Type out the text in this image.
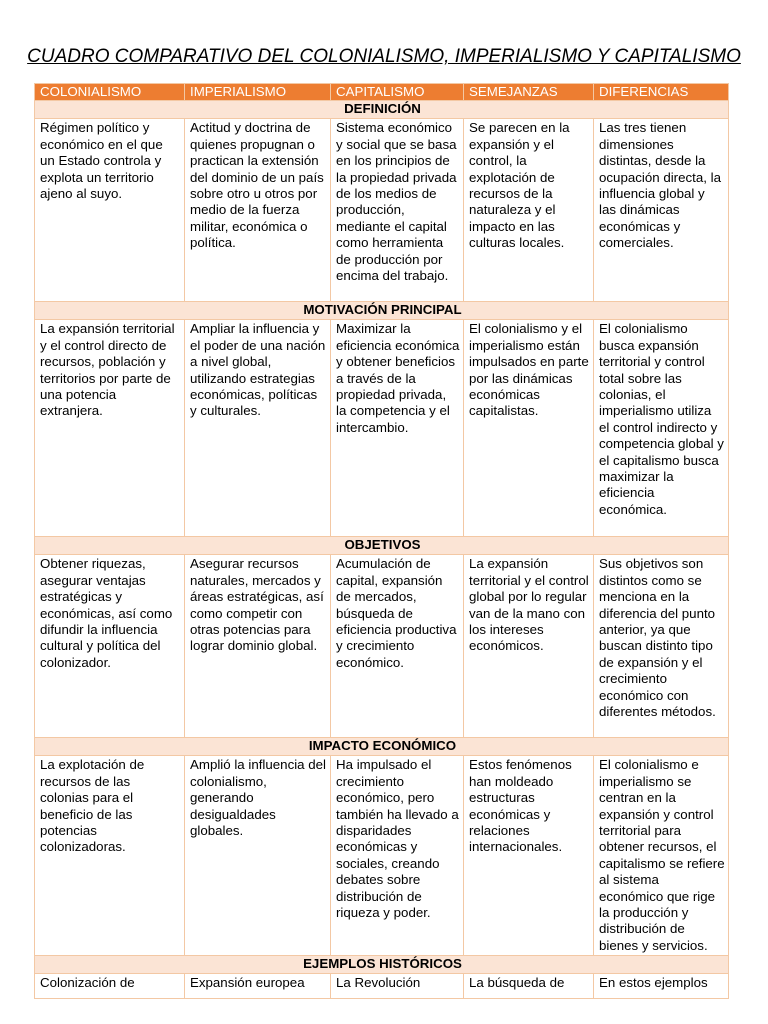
CUADRO COMPARATIVO DEL COLONIALISMO, IMPERIALISMO Y CAPITALISMO
COLONIALISMO	IMPERIALISMO	CAPITALISMO	SEMEJANZAS	DIFERENCIAS
DEFINICIÓN				
Régimen político y económico en el que un Estado controla y explota un territorio ajeno al suyo.	Actitud y doctrina de quienes propugnan o practican la extensión del dominio de un país sobre otro u otros por medio de la fuerza militar, económica o política.	Sistema económico y social que se basa en los principios de la propiedad privada de los medios de producción, mediante el capital como herramienta de producción por encima del trabajo.	Se parecen en la expansión y el control, la explotación de recursos de la naturaleza y el impacto en las culturas locales.	Las tres tienen dimensiones distintas, desde la ocupación directa, la influencia global y las dinámicas económicas y comerciales.
MOTIVACIÓN PRINCIPAL				
La expansión territorial y el control directo de recursos, población y territorios por parte de una potencia extranjera.	Ampliar la influencia y el poder de una nación a nivel global, utilizando estrategias económicas, políticas y culturales.	Maximizar la eficiencia económica y obtener beneficios a través de la propiedad privada, la competencia y el intercambio.	El colonialismo y el imperialismo están impulsados en parte por las dinámicas económicas capitalistas.	El colonialismo busca expansión territorial y control total sobre las colonias, el imperialismo utiliza el control indirecto y competencia global y el capitalismo busca maximizar la eficiencia económica.
OBJETIVOS				
Obtener riquezas, asegurar ventajas estratégicas y económicas, así como difundir la influencia cultural y política del colonizador.	Asegurar recursos naturales, mercados y áreas estratégicas, así como competir con otras potencias para lograr dominio global.	Acumulación de capital, expansión de mercados, búsqueda de eficiencia productiva y crecimiento económico.	La expansión territorial y el control global por lo regular van de la mano con los intereses económicos.	Sus objetivos son distintos como se menciona en la diferencia del punto anterior, ya que buscan distinto tipo de expansión y el crecimiento económico con diferentes métodos.
IMPACTO ECONÓMICO				
La explotación de recursos de las colonias para el beneficio de las potencias colonizadoras.	Amplió la influencia del colonialismo, generando desigualdades globales.	Ha impulsado el crecimiento económico, pero también ha llevado a disparidades económicas y sociales, creando debates sobre distribución de riqueza y poder.	Estos fenómenos han moldeado estructuras económicas y relaciones internacionales.	El colonialismo e imperialismo se centran en la expansión y control territorial para obtener recursos, el capitalismo se refiere al sistema económico que rige la producción y distribución de bienes y servicios.
EJEMPLOS HISTÓRICOS				
Colonización de	Expansión europea	La Revolución	La búsqueda de	En estos ejemplos
